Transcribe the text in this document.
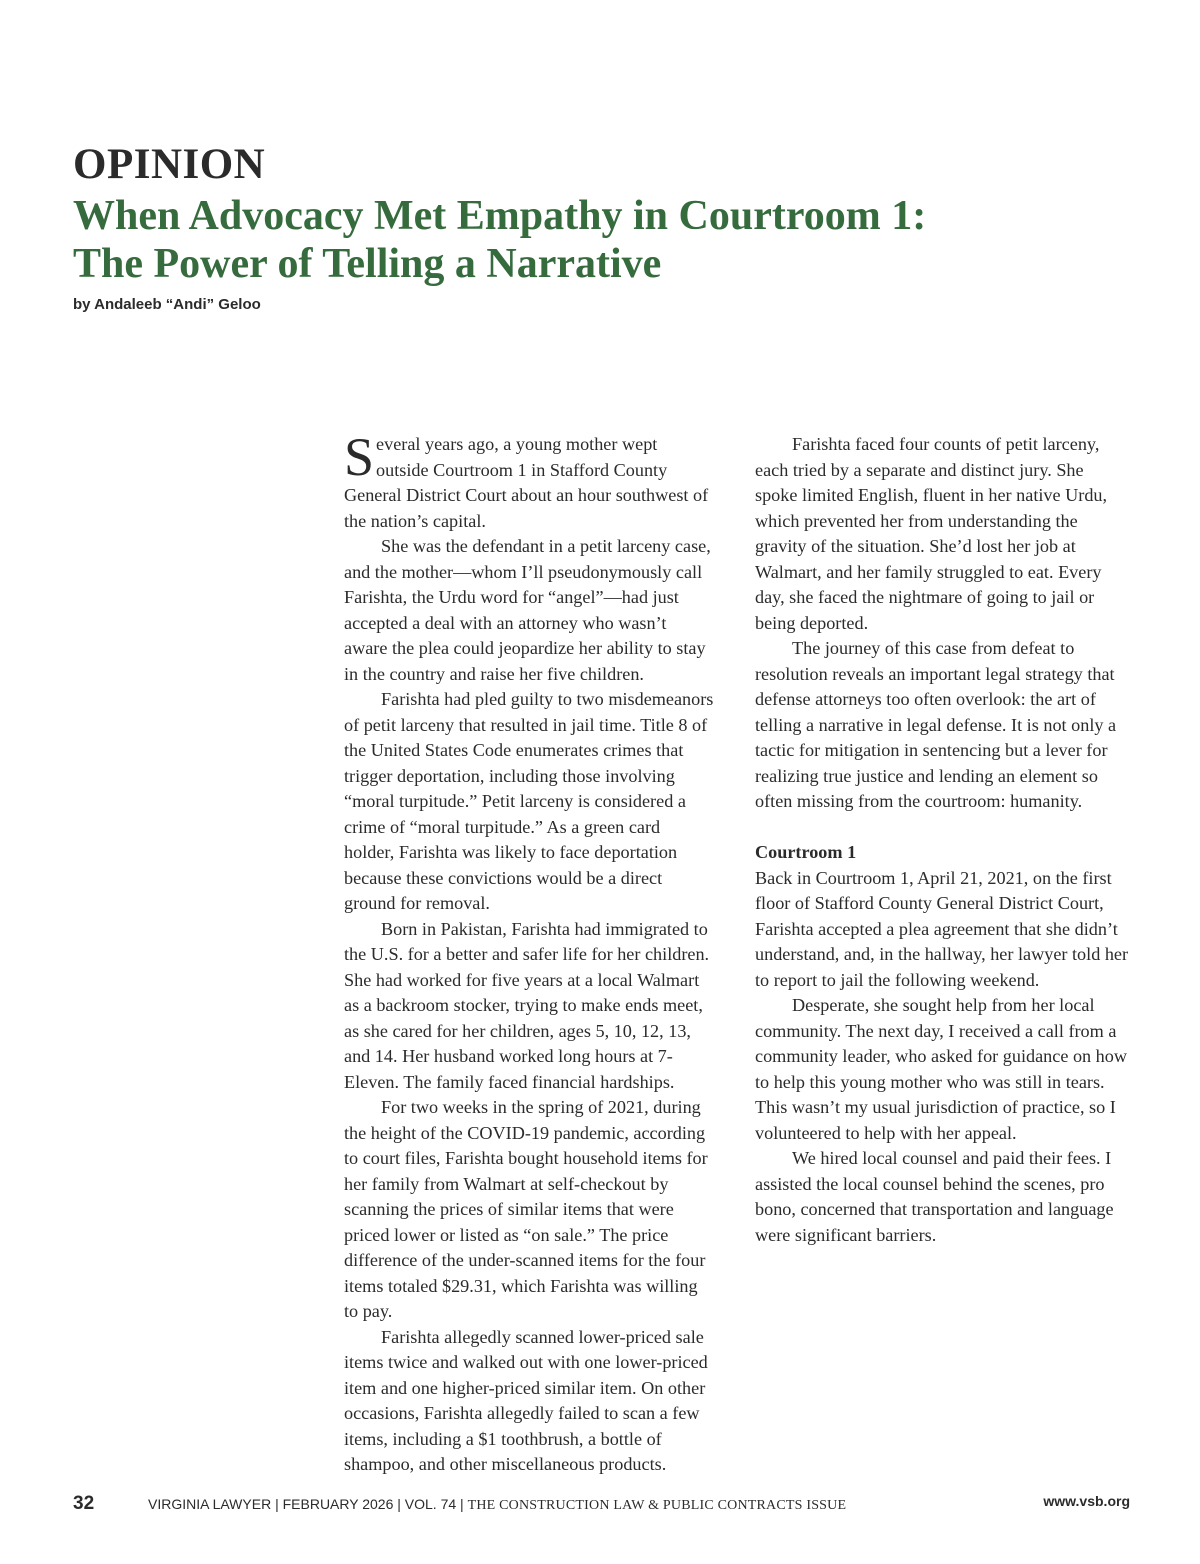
OPINION
When Advocacy Met Empathy in Courtroom 1:
The Power of Telling a Narrative
by Andaleeb “Andi” Geloo

Several years ago, a young mother wept outside Courtroom 1 in Stafford County General District Court about an hour southwest of the nation’s capital.

She was the defendant in a petit larceny case, and the mother—whom I’ll pseudonymously call Farishta, the Urdu word for “angel”—had just accepted a deal with an attorney who wasn’t aware the plea could jeopardize her ability to stay in the country and raise her five children.

Farishta had pled guilty to two misdemeanors of petit larceny that resulted in jail time. Title 8 of the United States Code enumerates crimes that trigger deportation, including those involving “moral turpitude.” Petit larceny is considered a crime of “moral turpitude.” As a green card holder, Farishta was likely to face deportation because these convictions would be a direct ground for removal.

Born in Pakistan, Farishta had immigrated to the U.S. for a better and safer life for her children. She had worked for five years at a local Walmart as a backroom stocker, trying to make ends meet, as she cared for her children, ages 5, 10, 12, 13, and 14. Her husband worked long hours at 7-Eleven. The family faced financial hardships.

For two weeks in the spring of 2021, during the height of the COVID-19 pandemic, according to court files, Farishta bought household items for her family from Walmart at self-checkout by scanning the prices of similar items that were priced lower or listed as “on sale.” The price difference of the under-scanned items for the four items totaled $29.31, which Farishta was willing to pay.

Farishta allegedly scanned lower-priced sale items twice and walked out with one lower-priced item and one higher-priced similar item. On other occasions, Farishta allegedly failed to scan a few items, including a $1 toothbrush, a bottle of shampoo, and other miscellaneous products.

Farishta faced four counts of petit larceny, each tried by a separate and distinct jury. She spoke limited English, fluent in her native Urdu, which prevented her from understanding the gravity of the situation. She’d lost her job at Walmart, and her family struggled to eat. Every day, she faced the nightmare of going to jail or being deported.

The journey of this case from defeat to resolution reveals an important legal strategy that defense attorneys too often overlook: the art of telling a narrative in legal defense. It is not only a tactic for mitigation in sentencing but a lever for realizing true justice and lending an element so often missing from the courtroom: humanity.

Courtroom 1

Back in Courtroom 1, April 21, 2021, on the first floor of Stafford County General District Court, Farishta accepted a plea agreement that she didn’t understand, and, in the hallway, her lawyer told her to report to jail the following weekend.

Desperate, she sought help from her local community. The next day, I received a call from a community leader, who asked for guidance on how to help this young mother who was still in tears. This wasn’t my usual jurisdiction of practice, so I volunteered to help with her appeal.

We hired local counsel and paid their fees. I assisted the local counsel behind the scenes, pro bono, concerned that transportation and language were significant barriers.

32	VIRGINIA LAWYER | FEBRUARY 2026 | VOL. 74 | THE CONSTRUCTION LAW & PUBLIC CONTRACTS ISSUE	www.vsb.org
